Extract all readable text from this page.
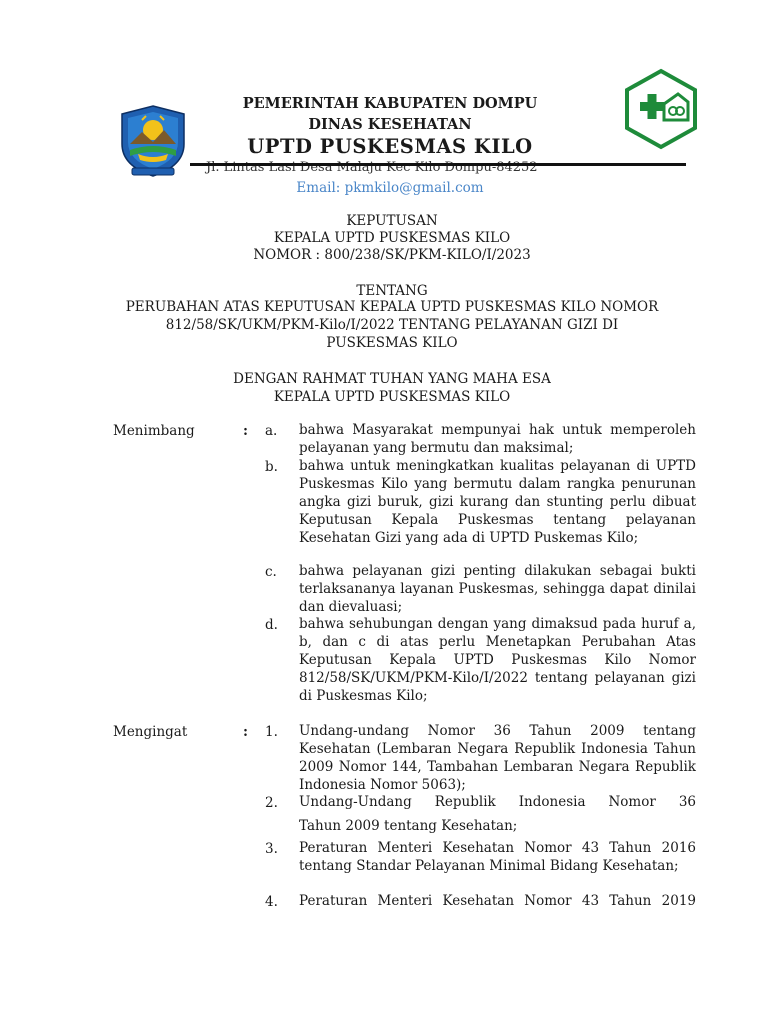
PEMERINTAH KABUPATEN DOMPU
DINAS KESEHATAN
UPTD PUSKESMAS KILO
Jl. Lintas Lasi Desa Malaju Kec Kilo Dompu-84252
Email: pkmkilo@gmail.com
KEPUTUSAN
KEPALA UPTD PUSKESMAS KILO
NOMOR : 800/238/SK/PKM-KILO/I/2023
TENTANG
PERUBAHAN ATAS KEPUTUSAN KEPALA UPTD PUSKESMAS KILO NOMOR
812/58/SK/UKM/PKM-Kilo/I/2022 TENTANG PELAYANAN GIZI DI
PUSKESMAS KILO
DENGAN RAHMAT TUHAN YANG MAHA ESA
KEPALA UPTD PUSKESMAS KILO
Menimbang	: a. bahwa Masyarakat mempunyai hak untuk memperoleh pelayanan yang bermutu dan maksimal;
b. bahwa untuk meningkatkan kualitas pelayanan di UPTD Puskesmas Kilo yang bermutu dalam rangka penurunan angka gizi buruk, gizi kurang dan stunting perlu dibuat Keputusan Kepala Puskesmas tentang pelayanan Kesehatan Gizi yang ada di UPTD Puskemas Kilo;
c. bahwa pelayanan gizi penting dilakukan sebagai bukti terlaksananya layanan Puskesmas, sehingga dapat dinilai dan dievaluasi;
d. bahwa sehubungan dengan yang dimaksud pada huruf a, b, dan c di atas perlu Menetapkan Perubahan Atas Keputusan Kepala UPTD Puskesmas Kilo Nomor 812/58/SK/UKM/PKM-Kilo/I/2022 tentang pelayanan gizi di Puskesmas Kilo;
Mengingat	: 1. Undang-undang Nomor 36 Tahun 2009 tentang Kesehatan (Lembaran Negara Republik Indonesia Tahun 2009 Nomor 144, Tambahan Lembaran Negara Republik Indonesia Nomor 5063);
2. Undang-Undang Republik Indonesia Nomor 36
Tahun 2009 tentang Kesehatan;
3. Peraturan Menteri Kesehatan Nomor 43 Tahun 2016 tentang Standar Pelayanan Minimal Bidang Kesehatan;
4. Peraturan Menteri Kesehatan Nomor 43 Tahun 2019
